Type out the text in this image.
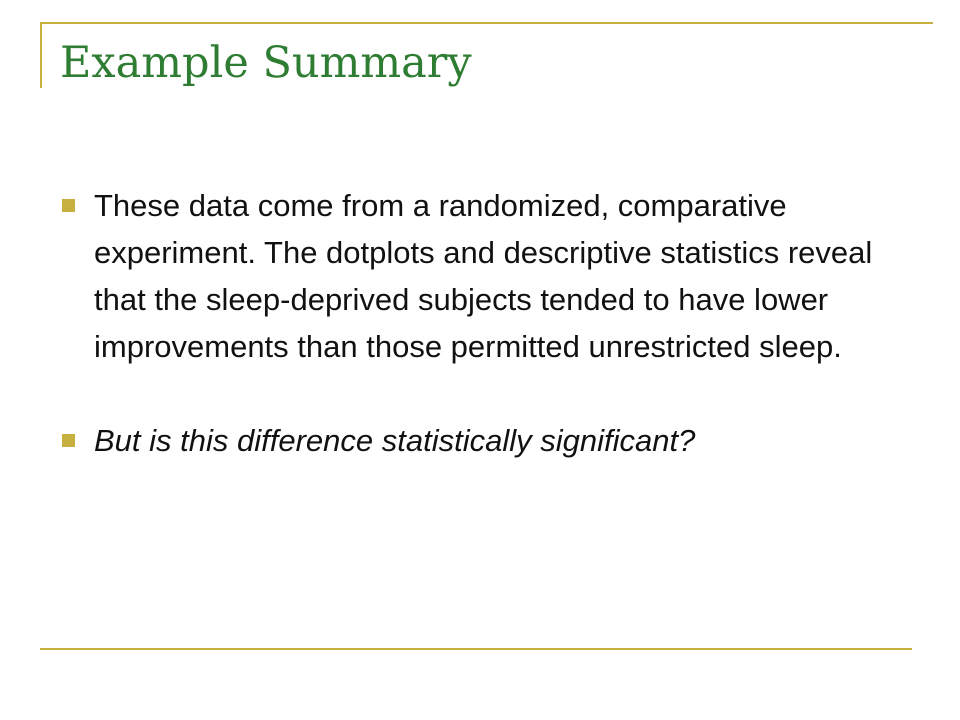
Example Summary
These data come from a randomized, comparative experiment. The dotplots and descriptive statistics reveal that the sleep-deprived subjects tended to have lower improvements than those permitted unrestricted sleep.
But is this difference statistically significant?
